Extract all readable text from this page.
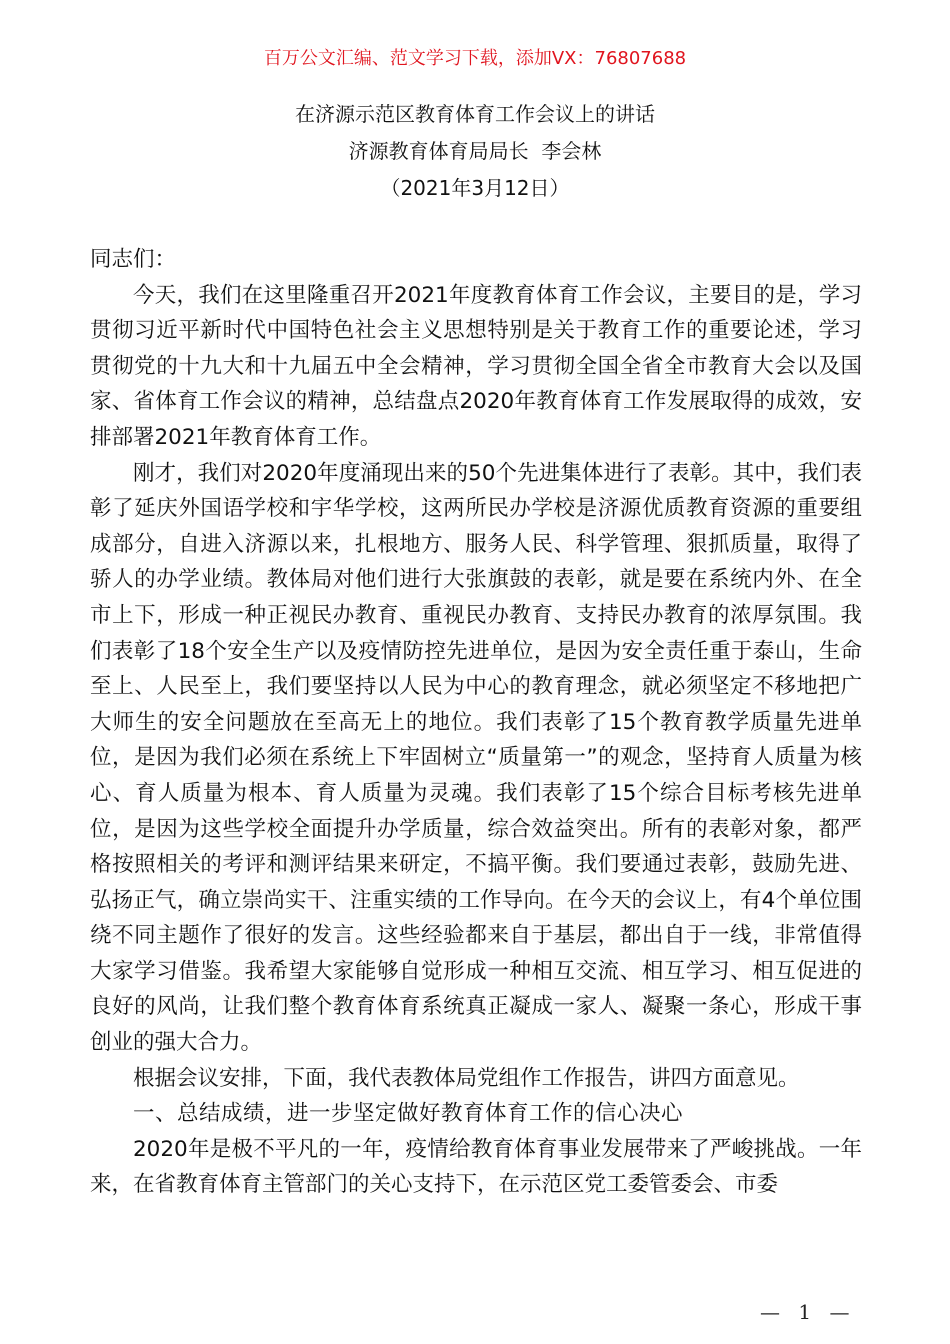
百万公文汇编、范文学习下载，添加VX：76807688
在济源示范区教育体育工作会议上的讲话
济源教育体育局局长  李会林
（2021年3月12日）

同志们：

今天，我们在这里隆重召开2021年度教育体育工作会议，主要目的是，学习贯彻习近平新时代中国特色社会主义思想特别是关于教育工作的重要论述，学习贯彻党的十九大和十九届五中全会精神，学习贯彻全国全省全市教育大会以及国家、省体育工作会议的精神，总结盘点2020年教育体育工作发展取得的成效，安排部署2021年教育体育工作。

刚才，我们对2020年度涌现出来的50个先进集体进行了表彰。其中，我们表彰了延庆外国语学校和宇华学校，这两所民办学校是济源优质教育资源的重要组成部分，自进入济源以来，扎根地方、服务人民、科学管理、狠抓质量，取得了骄人的办学业绩。教体局对他们进行大张旗鼓的表彰，就是要在系统内外、在全市上下，形成一种正视民办教育、重视民办教育、支持民办教育的浓厚氛围。我们表彰了18个安全生产以及疫情防控先进单位，是因为安全责任重于泰山，生命至上、人民至上，我们要坚持以人民为中心的教育理念，就必须坚定不移地把广大师生的安全问题放在至高无上的地位。我们表彰了15个教育教学质量先进单位，是因为我们必须在系统上下牢固树立“质量第一”的观念，坚持育人质量为核心、育人质量为根本、育人质量为灵魂。我们表彰了15个综合目标考核先进单位，是因为这些学校全面提升办学质量，综合效益突出。所有的表彰对象，都严格按照相关的考评和测评结果来研定，不搞平衡。我们要通过表彰，鼓励先进、弘扬正气，确立崇尚实干、注重实绩的工作导向。在今天的会议上，有4个单位围绕不同主题作了很好的发言。这些经验都来自于基层，都出自于一线，非常值得大家学习借鉴。我希望大家能够自觉形成一种相互交流、相互学习、相互促进的良好的风尚，让我们整个教育体育系统真正凝成一家人、凝聚一条心，形成干事创业的强大合力。

根据会议安排，下面，我代表教体局党组作工作报告，讲四方面意见。

一、总结成绩，进一步坚定做好教育体育工作的信心决心

2020年是极不平凡的一年，疫情给教育体育事业发展带来了严峻挑战。一年来，在省教育体育主管部门的关心支持下，在示范区党工委管委会、市委

— 1 —
